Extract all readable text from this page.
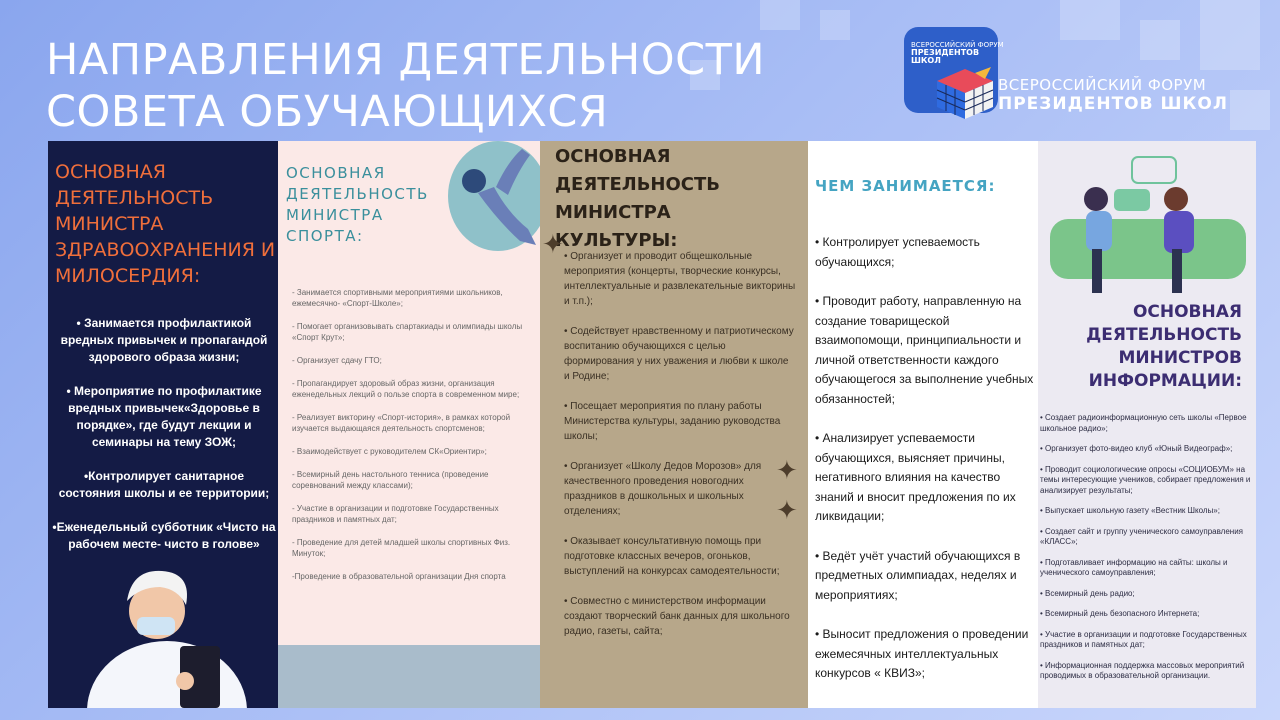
НАПРАВЛЕНИЯ ДЕЯТЕЛЬНОСТИ
СОВЕТА ОБУЧАЮЩИХСЯ
ВСЕРОССИЙСКИЙ ФОРУМ
ПРЕЗИДЕНТОВ
ШКОЛ
ВСЕРОССИЙСКИЙ ФОРУМ
ПРЕЗИДЕНТОВ ШКОЛ
ОСНОВНАЯ ДЕЯТЕЛЬНОСТЬ МИНИСТРА ЗДРАВООХРАНЕНИЯ И МИЛОСЕРДИЯ:
• Занимается профилактикой вредных привычек и пропагандой здорового образа жизни;
• Мероприятие по профилактике вредных привычек«Здоровье в порядке», где будут лекции и семинары на тему ЗОЖ;
•Контролирует санитарное состояния школы и ее территории;
•Еженедельный субботник «Чисто на рабочем месте- чисто в голове»
ОСНОВНАЯ ДЕЯТЕЛЬНОСТЬ МИНИСТРА СПОРТА:
- Занимается спортивными мероприятиями школьников, ежемесячно- «Спорт-Школе»;
- Помогает организовывать спартакиады и олимпиады школы «Спорт Крут»;
- Организует сдачу ГТО;
- Пропагандирует здоровый образ жизни, организация еженедельных лекций о пользе спорта в современном мире;
- Реализует викторину «Спорт-история», в рамках которой изучается выдающаяся деятельность спортсменов;
- Взаимодействует с руководителем СК«Ориентир»;
- Всемирный день настольного тенниса (проведение соревнований между классами);
- Участие в организации и подготовке Государственных праздников и памятных дат;
- Проведение для детей младшей школы спортивных Физ. Минуток;
-Проведение в образовательной организации Дня спорта
ОСНОВНАЯ ДЕЯТЕЛЬНОСТЬ МИНИСТРА КУЛЬТУРЫ:
✦
✦
✦
• Организует и проводит общешкольные мероприятия (концерты, творческие конкурсы, интеллектуальные и развлекательные викторины и т.п.);
• Содействует нравственному и патриотическому воспитанию обучающихся с целью формирования у них уважения и любви к школе и Родине;
• Посещает мероприятия по плану работы Министерства культуры, заданию руководства школы;
• Организует «Школу Дедов Морозов» для качественного проведения новогодних праздников в дошкольных и школьных отделениях;
• Оказывает консультативную помощь при подготовке классных вечеров, огоньков, выступлений на конкурсах самодеятельности;
• Совместно с министерством информации создают творческий банк данных для школьного радио, газеты, сайта;
ЧЕМ ЗАНИМАЕТСЯ:
• Контролирует успеваемость обучающихся;
• Проводит работу, направленную на создание товарищеской взаимопомощи, принципиальности и личной ответственности каждого обучающегося за выполнение учебных обязанностей;
• Анализирует успеваемости обучающихся, выясняет причины, негативного влияния на качество знаний и вносит предложения по их ликвидации;
• Ведёт учёт участий обучающихся в предметных олимпиадах, неделях и мероприятиях;
• Выносит предложения о проведении ежемесячных интеллектуальных конкурсов « КВИЗ»;
ОСНОВНАЯ ДЕЯТЕЛЬНОСТЬ МИНИСТРОВ ИНФОРМАЦИИ:
• Создает радиоинформационную сеть школы «Первое школьное радио»;
• Организует фото-видео клуб «Юный Видеограф»;
• Проводит социологические опросы «СОЦИОБУМ» на темы интересующие учеников, собирает предложения и анализирует результаты;
• Выпускает школьную газету «Вестник Школы»;
• Создает сайт и группу ученического самоуправления «КЛАСС»;
• Подготавливает информацию на сайты: школы и ученического самоуправления;
• Всемирный день радио;
• Всемирный день безопасного Интернета;
• Участие в организации и подготовке Государственных праздников и памятных дат;
• Информационная поддержка массовых мероприятий проводимых в образовательной организации.
